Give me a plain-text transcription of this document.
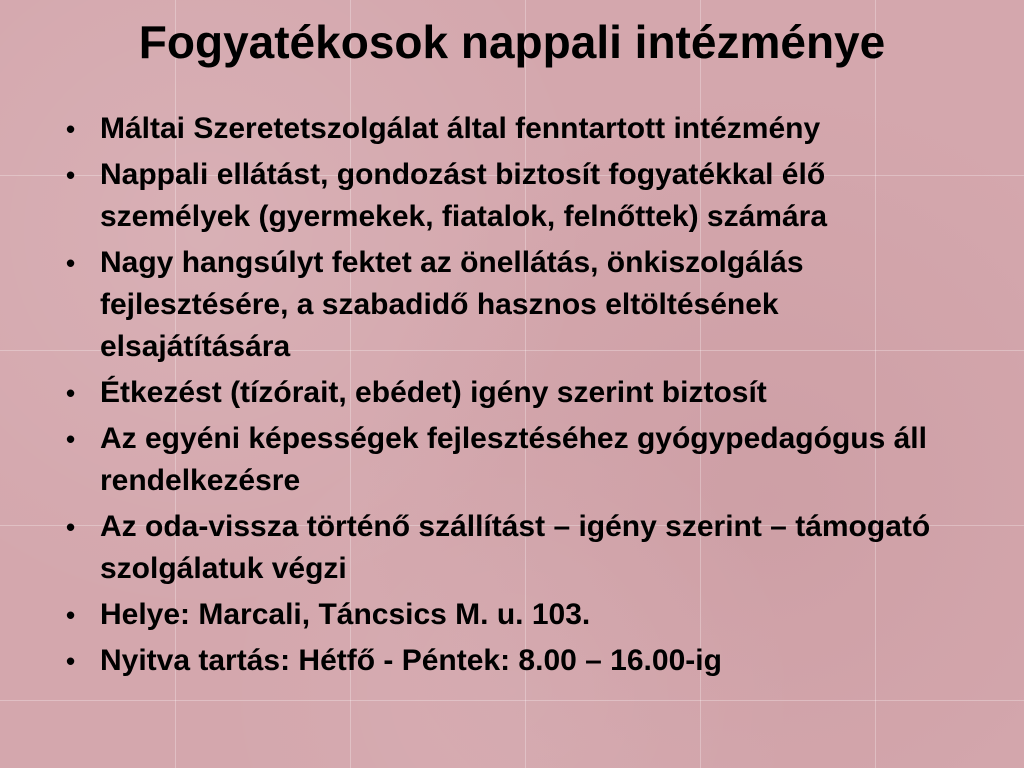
Fogyatékosok nappali intézménye
• Máltai Szeretetszolgálat által fenntartott intézmény
• Nappali ellátást, gondozást biztosít fogyatékkal élő személyek (gyermekek, fiatalok, felnőttek) számára
• Nagy hangsúlyt fektet az önellátás, önkiszolgálás fejlesztésére, a szabadidő hasznos eltöltésének elsajátítására
• Étkezést (tízórait, ebédet) igény szerint biztosít
• Az egyéni képességek fejlesztéséhez gyógypedagógus áll rendelkezésre
• Az oda-vissza történő szállítást – igény szerint – támogató szolgálatuk végzi
• Helye: Marcali, Táncsics M. u. 103.
• Nyitva tartás: Hétfő - Péntek: 8.00 – 16.00-ig
